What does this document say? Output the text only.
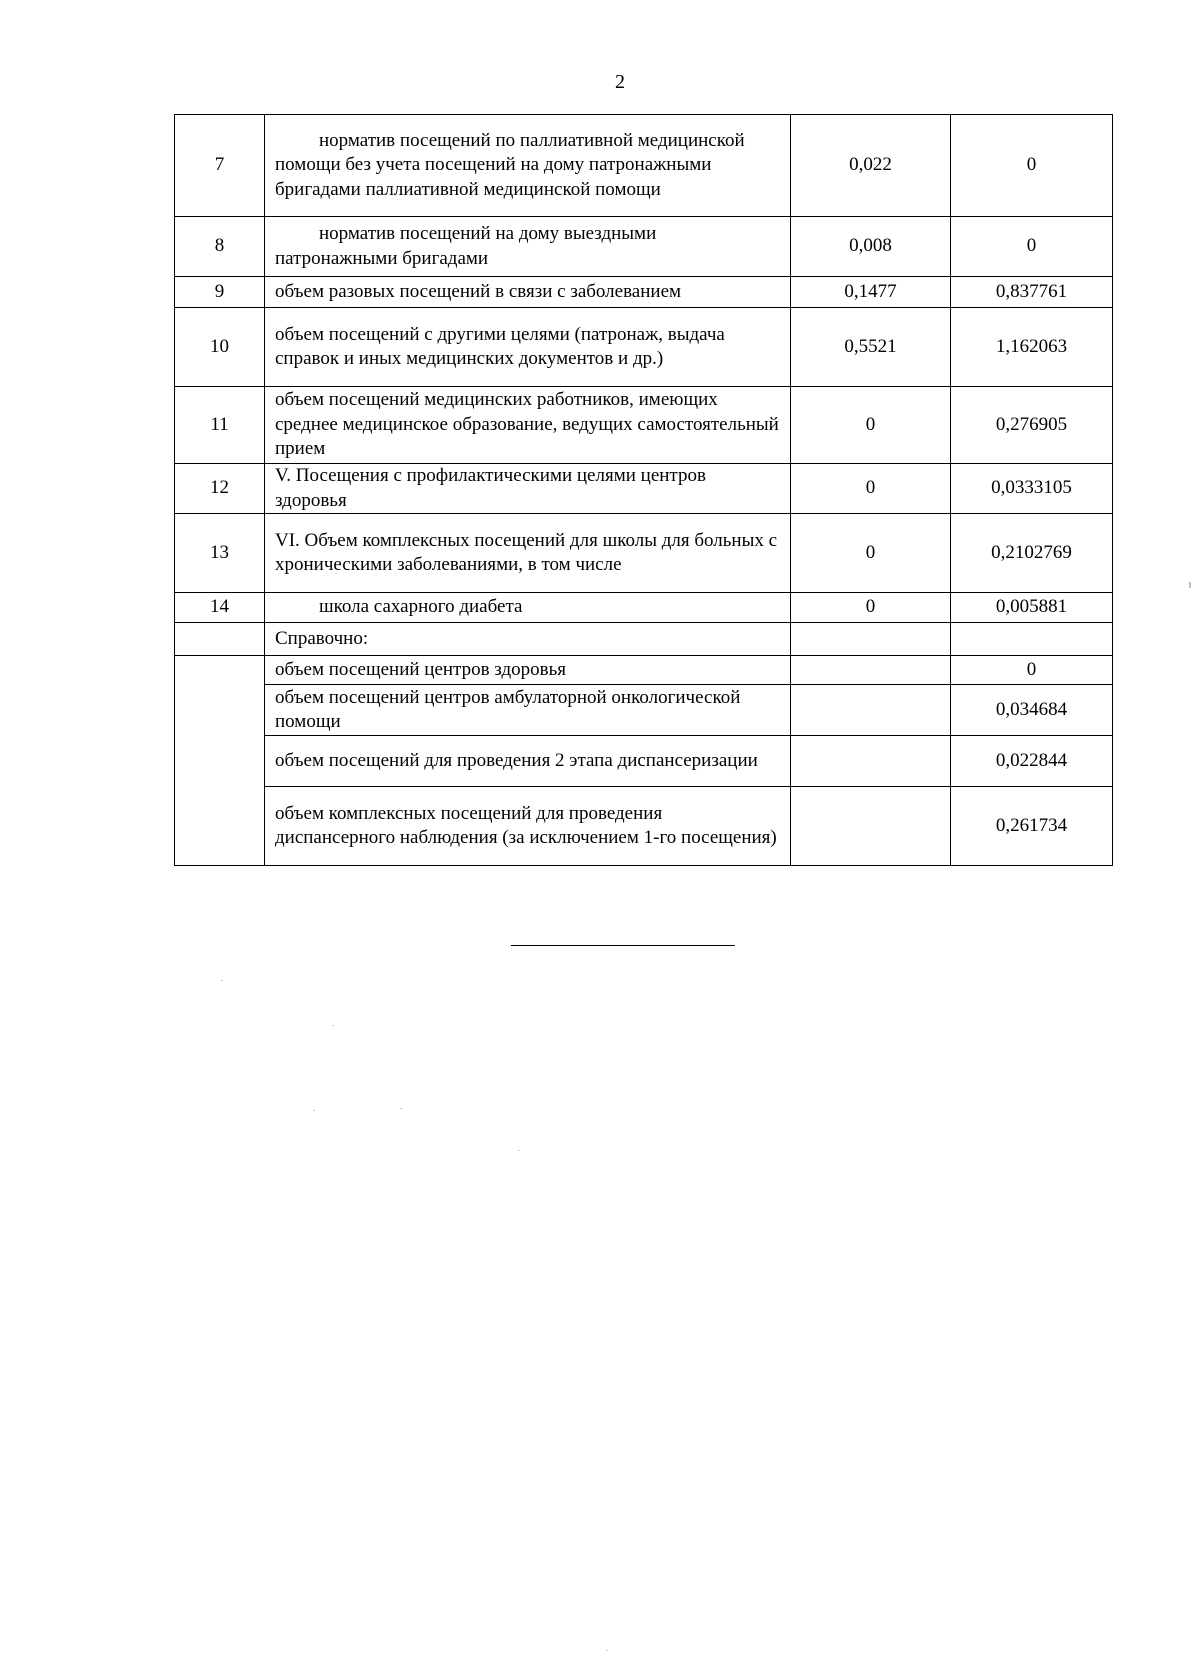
2
7	норматив посещений по паллиативной медицинской помощи без учета посещений на дому патронажными бригадами паллиативной медицинской помощи	0,022	0
8	норматив посещений на дому выездными патронажными бригадами	0,008	0
9	объем разовых посещений в связи с заболеванием	0,1477	0,837761
10	объем посещений с другими целями (патронаж, выдача справок и иных медицинских документов и др.)	0,5521	1,162063
11	объем посещений медицинских работников, имеющих среднее медицинское образование, ведущих самостоятельный прием	0	0,276905
12	V. Посещения с профилактическими целями центров здоровья	0	0,0333105
13	VI. Объем комплексных посещений для школы для больных с хроническими заболеваниями, в том числе	0	0,2102769
14	школа сахарного диабета	0	0,005881
	Справочно:		
	объем посещений центров здоровья		0
	объем посещений центров амбулаторной онкологической помощи		0,034684
	объем посещений для проведения 2 этапа диспансеризации		0,022844
	объем комплексных посещений для проведения диспансерного наблюдения (за исключением 1-го посещения)		0,261734
